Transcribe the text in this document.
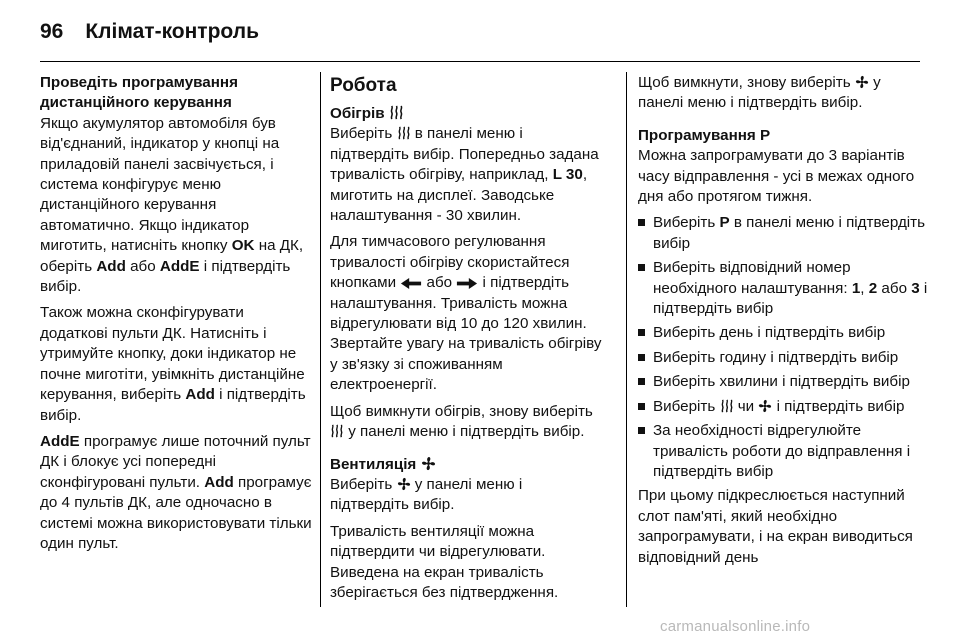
96 Клімат-контроль

Проведіть програмування дистанційного керування

Якщо акумулятор автомобіля був від'єднаний, індикатор у кнопці на приладовій панелі засвічується, і система конфігурує меню дистанційного керування автоматично. Якщо індикатор миготить, натисніть кнопку OK на ДК, оберіть Add або AddE і підтвердіть вибір.

Також можна сконфігурувати додаткові пульти ДК. Натисніть і утримуйте кнопку, доки індикатор не почне миготіти, увімкніть дистанційне керування, виберіть Add і підтвердіть вибір.

AddE програмує лише поточний пульт ДК і блокує усі попередні сконфігуровані пульти. Add програмує до 4 пультів ДК, але одночасно в системі можна використовувати тільки один пульт.

Робота

Обігрів

Виберіть  в панелі меню і підтвердіть вибір. Попередньо задана тривалість обігріву, наприклад, L 30, миготить на дисплеї. Заводське налаштування - 30 хвилин.

Для тимчасового регулювання тривалості обігріву скористайтеся кнопками  або  і підтвердіть налаштування. Тривалість можна відрегулювати від 10 до 120 хвилин. Звертайте увагу на тривалість обігріву у зв'язку зі споживанням електроенергії.

Щоб вимкнути обігрів, знову виберіть  у панелі меню і підтвердіть вибір.

Вентиляція

Виберіть  у панелі меню і підтвердіть вибір.

Тривалість вентиляції можна підтвердити чи відрегулювати. Виведена на екран тривалість зберігається без підтвердження.

Щоб вимкнути, знову виберіть  у панелі меню і підтвердіть вибір.

Програмування P

Можна запрограмувати до 3 варіантів часу відправлення - усі в межах одного дня або протягом тижня.

Виберіть P в панелі меню і підтвердіть вибір
Виберіть відповідний номер необхідного налаштування: 1, 2 або 3 і підтвердіть вибір
Виберіть день і підтвердіть вибір
Виберіть годину і підтвердіть вибір
Виберіть хвилини і підтвердіть вибір
Виберіть  чи  і підтвердіть вибір
За необхідності відрегулюйте тривалість роботи до відправлення і підтвердіть вибір

При цьому підкреслюється наступний слот пам'яті, який необхідно запрограмувати, і на екран виводиться відповідний день

carmanualsonline.info
